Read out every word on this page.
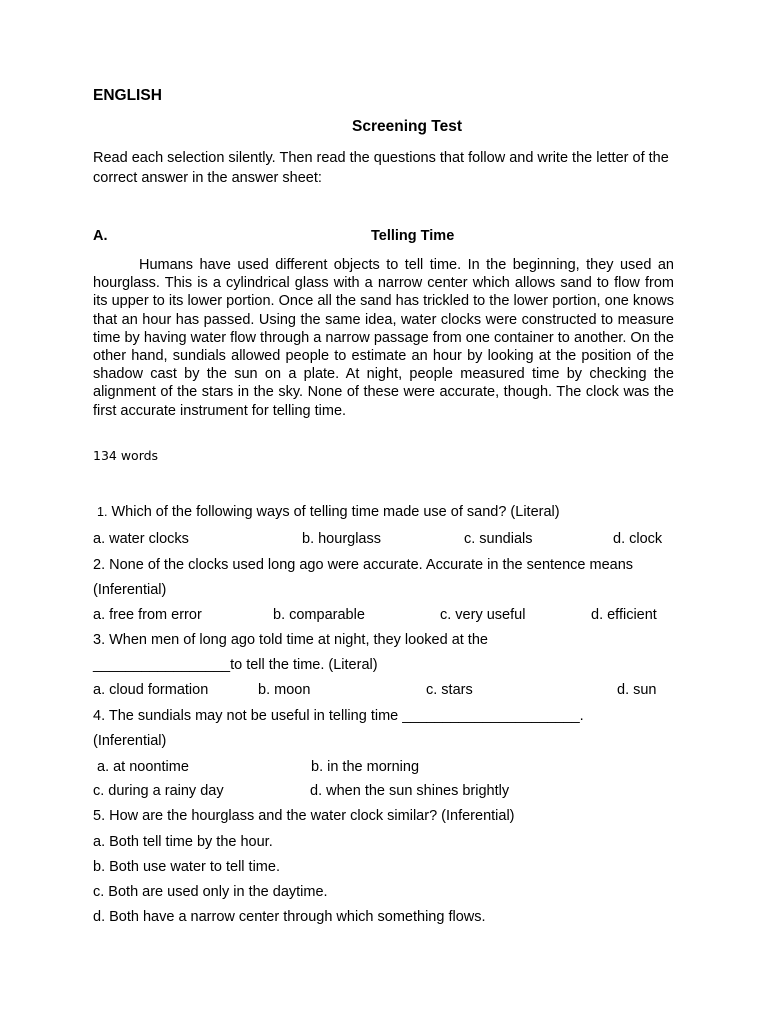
ENGLISH
Screening Test
Read each selection silently. Then read the questions that follow and write the letter of the correct answer in the answer sheet:
A.	Telling Time
Humans have used different objects to tell time. In the beginning, they used an hourglass. This is a cylindrical glass with a narrow center which allows sand to flow from its upper to its lower portion. Once all the sand has trickled to the lower portion, one knows that an hour has passed. Using the same idea, water clocks were constructed to measure time by having water flow through a narrow passage from one container to another. On the other hand, sundials allowed people to estimate an hour by looking at the position of the shadow cast by the sun on a plate. At night, people measured time by checking the alignment of the stars in the sky. None of these were accurate, though. The clock was the first accurate instrument for telling time.
134 words
1. Which of the following ways of telling time made use of sand? (Literal)
a. water clocks	b. hourglass	c. sundials	d. clock
2. None of the clocks used long ago were accurate. Accurate in the sentence means
(Inferential)
a. free from error	b. comparable	c. very useful	d. efficient
3. When men of long ago told time at night, they looked at the
_________________to tell the time. (Literal)
a. cloud formation	b. moon	c. stars	d. sun
4. The sundials may not be useful in telling time ______________________.
(Inferential)
a. at noontime	b. in the morning
c. during a rainy day	d. when the sun shines brightly
5. How are the hourglass and the water clock similar? (Inferential)
a. Both tell time by the hour.
b. Both use water to tell time.
c. Both are used only in the daytime.
d. Both have a narrow center through which something flows.
